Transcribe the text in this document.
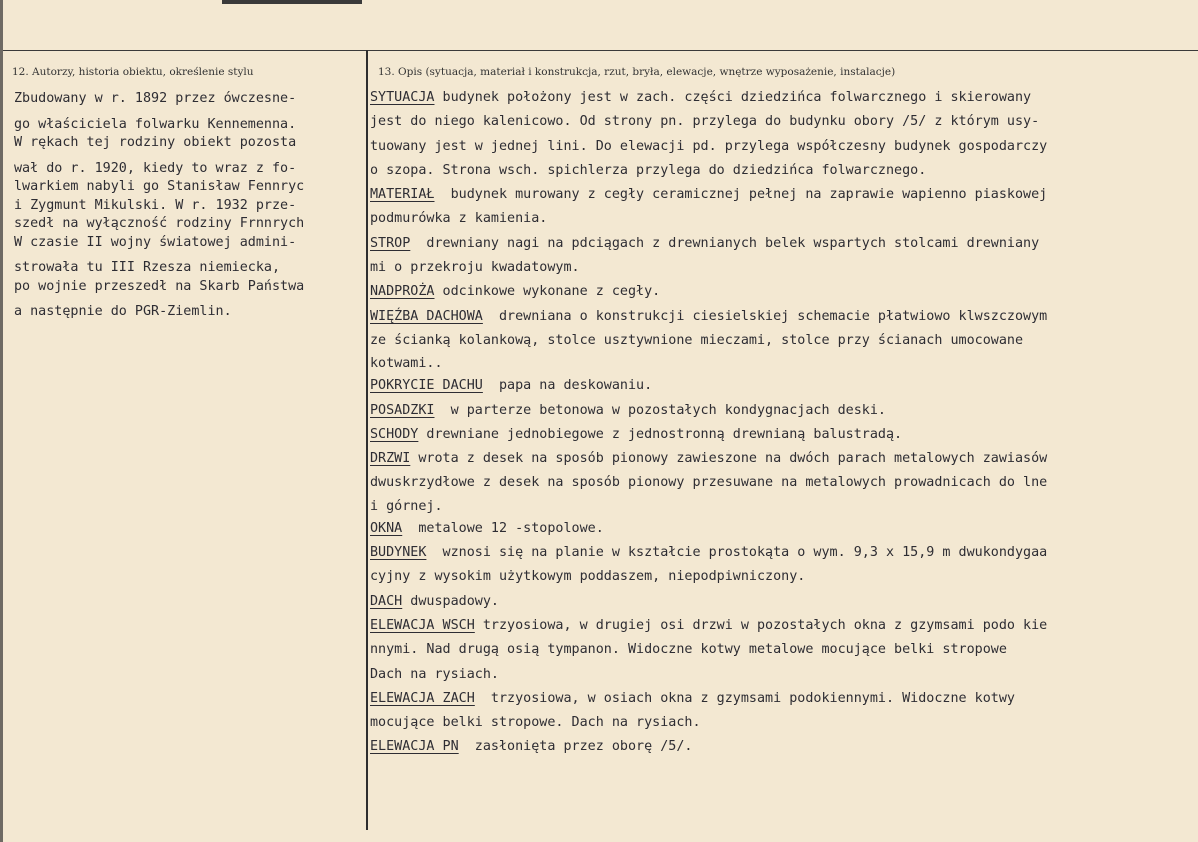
12. Autorzy, historia obiektu, określenie stylu	13. Opis (sytuacja, materiał i konstrukcja, rzut, bryła, elewacje, wnętrze wyposażenie, instalacje)
Zbudowany w r. 1892 przez ówczesne-
go właściciela folwarku Kennemenna.
W rękach tej rodziny obiekt pozosta
wał do r. 1920, kiedy to wraz z fo-
lwarkiem nabyli go Stanisław Fennryc
i Zygmunt Mikulski. W r. 1932 prze-
szedł na wyłączność rodziny Frnnrych
W czasie II wojny światowej admini-
strowała tu III Rzesza niemiecka,
po wojnie przeszedł na Skarb Państwa
a następnie do PGR-Ziemlin.
SYTUACJA budynek położony jest w zach. części dziedzińca folwarcznego i skierowany
jest do niego kalenicowo. Od strony pn. przylega do budynku obory /5/ z którym usy-
tuowany jest w jednej lini. Do elewacji pd. przylega współczesny budynek gospodarczy
o szopa. Strona wsch. spichlerza przylega do dziedzińca folwarcznego.
MATERIAŁ  budynek murowany z cegły ceramicznej pełnej na zaprawie wapienno piaskowej
podmurówka z kamienia.
STROP  drewniany nagi na pdciągach z drewnianych belek wspartych stolcami drewniany
mi o przekroju kwadatowym.
NADPROŻA odcinkowe wykonane z cegły.
WIĘŹBA DACHOWA  drewniana o konstrukcji ciesielskiej schemacie płatwiowo klwszczowym
ze ścianką kolankową, stolce usztywnione mieczami, stolce przy ścianach umocowane
kotwami..
POKRYCIE DACHU  papa na deskowaniu.
POSADZKI  w parterze betonowa w pozostałych kondygnacjach deski.
SCHODY drewniane jednobiegowe z jednostronną drewnianą balustradą.
DRZWI wrota z desek na sposób pionowy zawieszone na dwóch parach metalowych zawiasów
dwuskrzydłowe z desek na sposób pionowy przesuwane na metalowych prowadnicach do lne
i górnej.
OKNA  metalowe 12 -stopolowe.
BUDYNEK  wznosi się na planie w kształcie prostokąta o wym. 9,3 x 15,9 m dwukondygaa
cyjny z wysokim użytkowym poddaszem, niepodpiwniczony.
DACH dwuspadowy.
ELEWACJA WSCH trzyosiowa, w drugiej osi drzwi w pozostałych okna z gzymsami podo kie
nnymi. Nad drugą osią tympanon. Widoczne kotwy metalowe mocujące belki stropowe
Dach na rysiach.
ELEWACJA ZACH  trzyosiowa, w osiach okna z gzymsami podokiennymi. Widoczne kotwy
mocujące belki stropowe. Dach na rysiach.
ELEWACJA PN  zasłonięta przez oborę /5/.
